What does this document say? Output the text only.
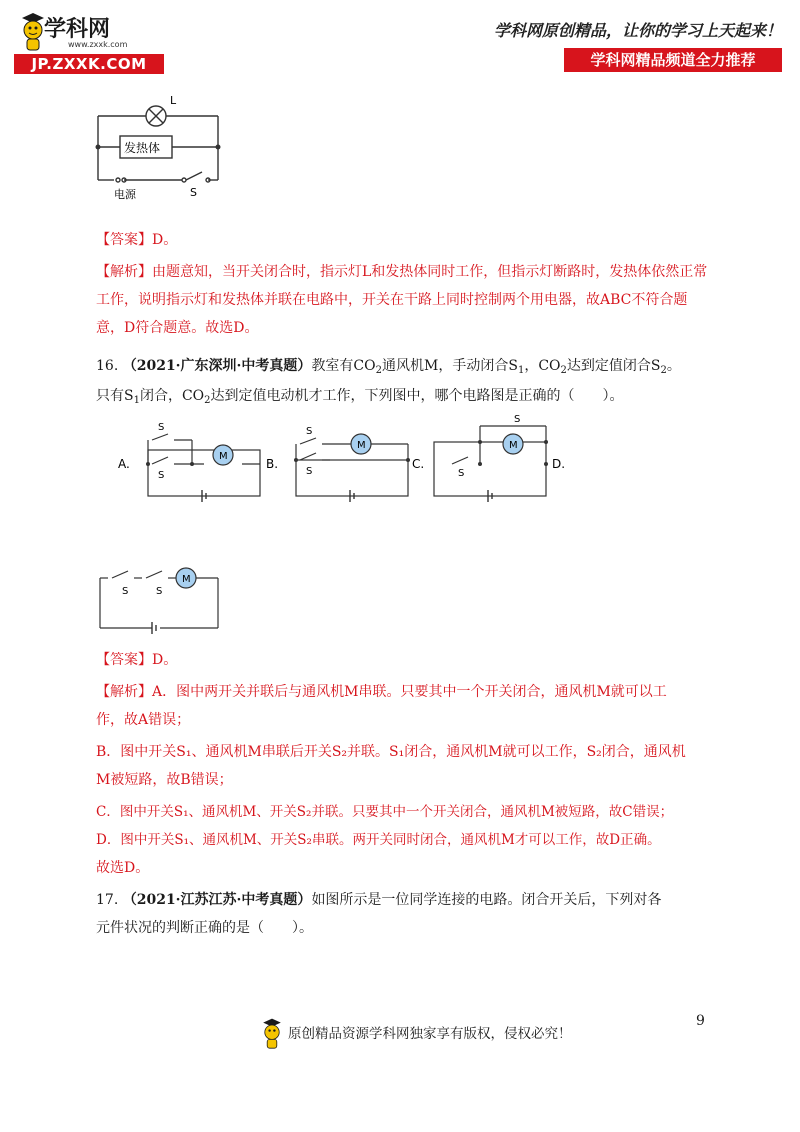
学科网
www.zxxk.com
JP.ZXXK.COM
学科网原创精品，让你的学习上天起来！
学科网精品频道全力推荐
L
发热体
电源	S
【答案】D。
【解析】由题意知，当开关闭合时，指示灯L和发热体同时工作，但指示灯断路时，发热体依然正常工作，说明指示灯和发热体并联在电路中，开关在干路上同时控制两个用电器，故ABC不符合题意，D符合题意。故选D。
16. （2021·广东深圳·中考真题）教室有$CO_2$通风机M，手动闭合$S_1$，$CO_2$达到定值闭合$S_2$。
只有$S_1$闭合，$CO_2$达到定值电动机才工作，下列图中，哪个电路图是正确的（　　）。
A.	B.	C.	D.
M
M	M
S
S
S
S	S
S
M
S	S
【答案】D。
【解析】A．图中两开关并联后与通风机M串联。只要其中一个开关闭合，通风机M就可以工
作，故A错误；
B．图中开关S₁、通风机M串联后开关S₂并联。S₁闭合，通风机M就可以工作，S₂闭合，通风机
M被短路，故B错误；
C．图中开关S₁、通风机M、开关S₂并联。只要其中一个开关闭合，通风机M被短路，故C错误；
D．图中开关S₁、通风机M、开关S₂串联。两开关同时闭合，通风机M才可以工作，故D正确。
故选D。
17. （2021·江苏江苏·中考真题）如图所示是一位同学连接的电路。闭合开关后，下列对各
元件状况的判断正确的是（　　）。
9
原创精品资源学科网独家享有版权，侵权必究！
